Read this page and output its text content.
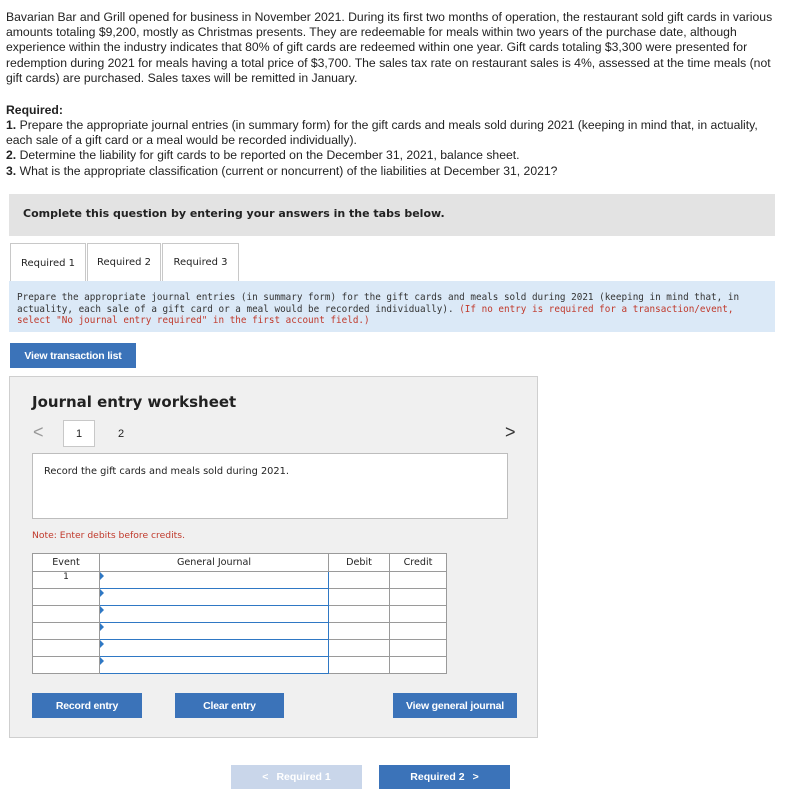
Bavarian Bar and Grill opened for business in November 2021. During its first two months of operation, the restaurant sold gift cards in various amounts totaling $9,200, mostly as Christmas presents. They are redeemable for meals within two years of the purchase date, although experience within the industry indicates that 80% of gift cards are redeemed within one year. Gift cards totaling $3,300 were presented for redemption during 2021 for meals having a total price of $3,700. The sales tax rate on restaurant sales is 4%, assessed at the time meals (not gift cards) are purchased. Sales taxes will be remitted in January.
Required:
1. Prepare the appropriate journal entries (in summary form) for the gift cards and meals sold during 2021 (keeping in mind that, in actuality, each sale of a gift card or a meal would be recorded individually).
2. Determine the liability for gift cards to be reported on the December 31, 2021, balance sheet.
3. What is the appropriate classification (current or noncurrent) of the liabilities at December 31, 2021?
Complete this question by entering your answers in the tabs below.
Required 1	Required 2	Required 3
Prepare the appropriate journal entries (in summary form) for the gift cards and meals sold during 2021 (keeping in mind that, in actuality, each sale of a gift card or a meal would be recorded individually). (If no entry is required for a transaction/event, select "No journal entry required" in the first account field.)
View transaction list
Journal entry worksheet
<	1	2	>
Record the gift cards and meals sold during 2021.
Note: Enter debits before credits.
Event	General Journal	Debit	Credit
1	

Record entry	Clear entry	View general journal
< Required 1	Required 2 >
